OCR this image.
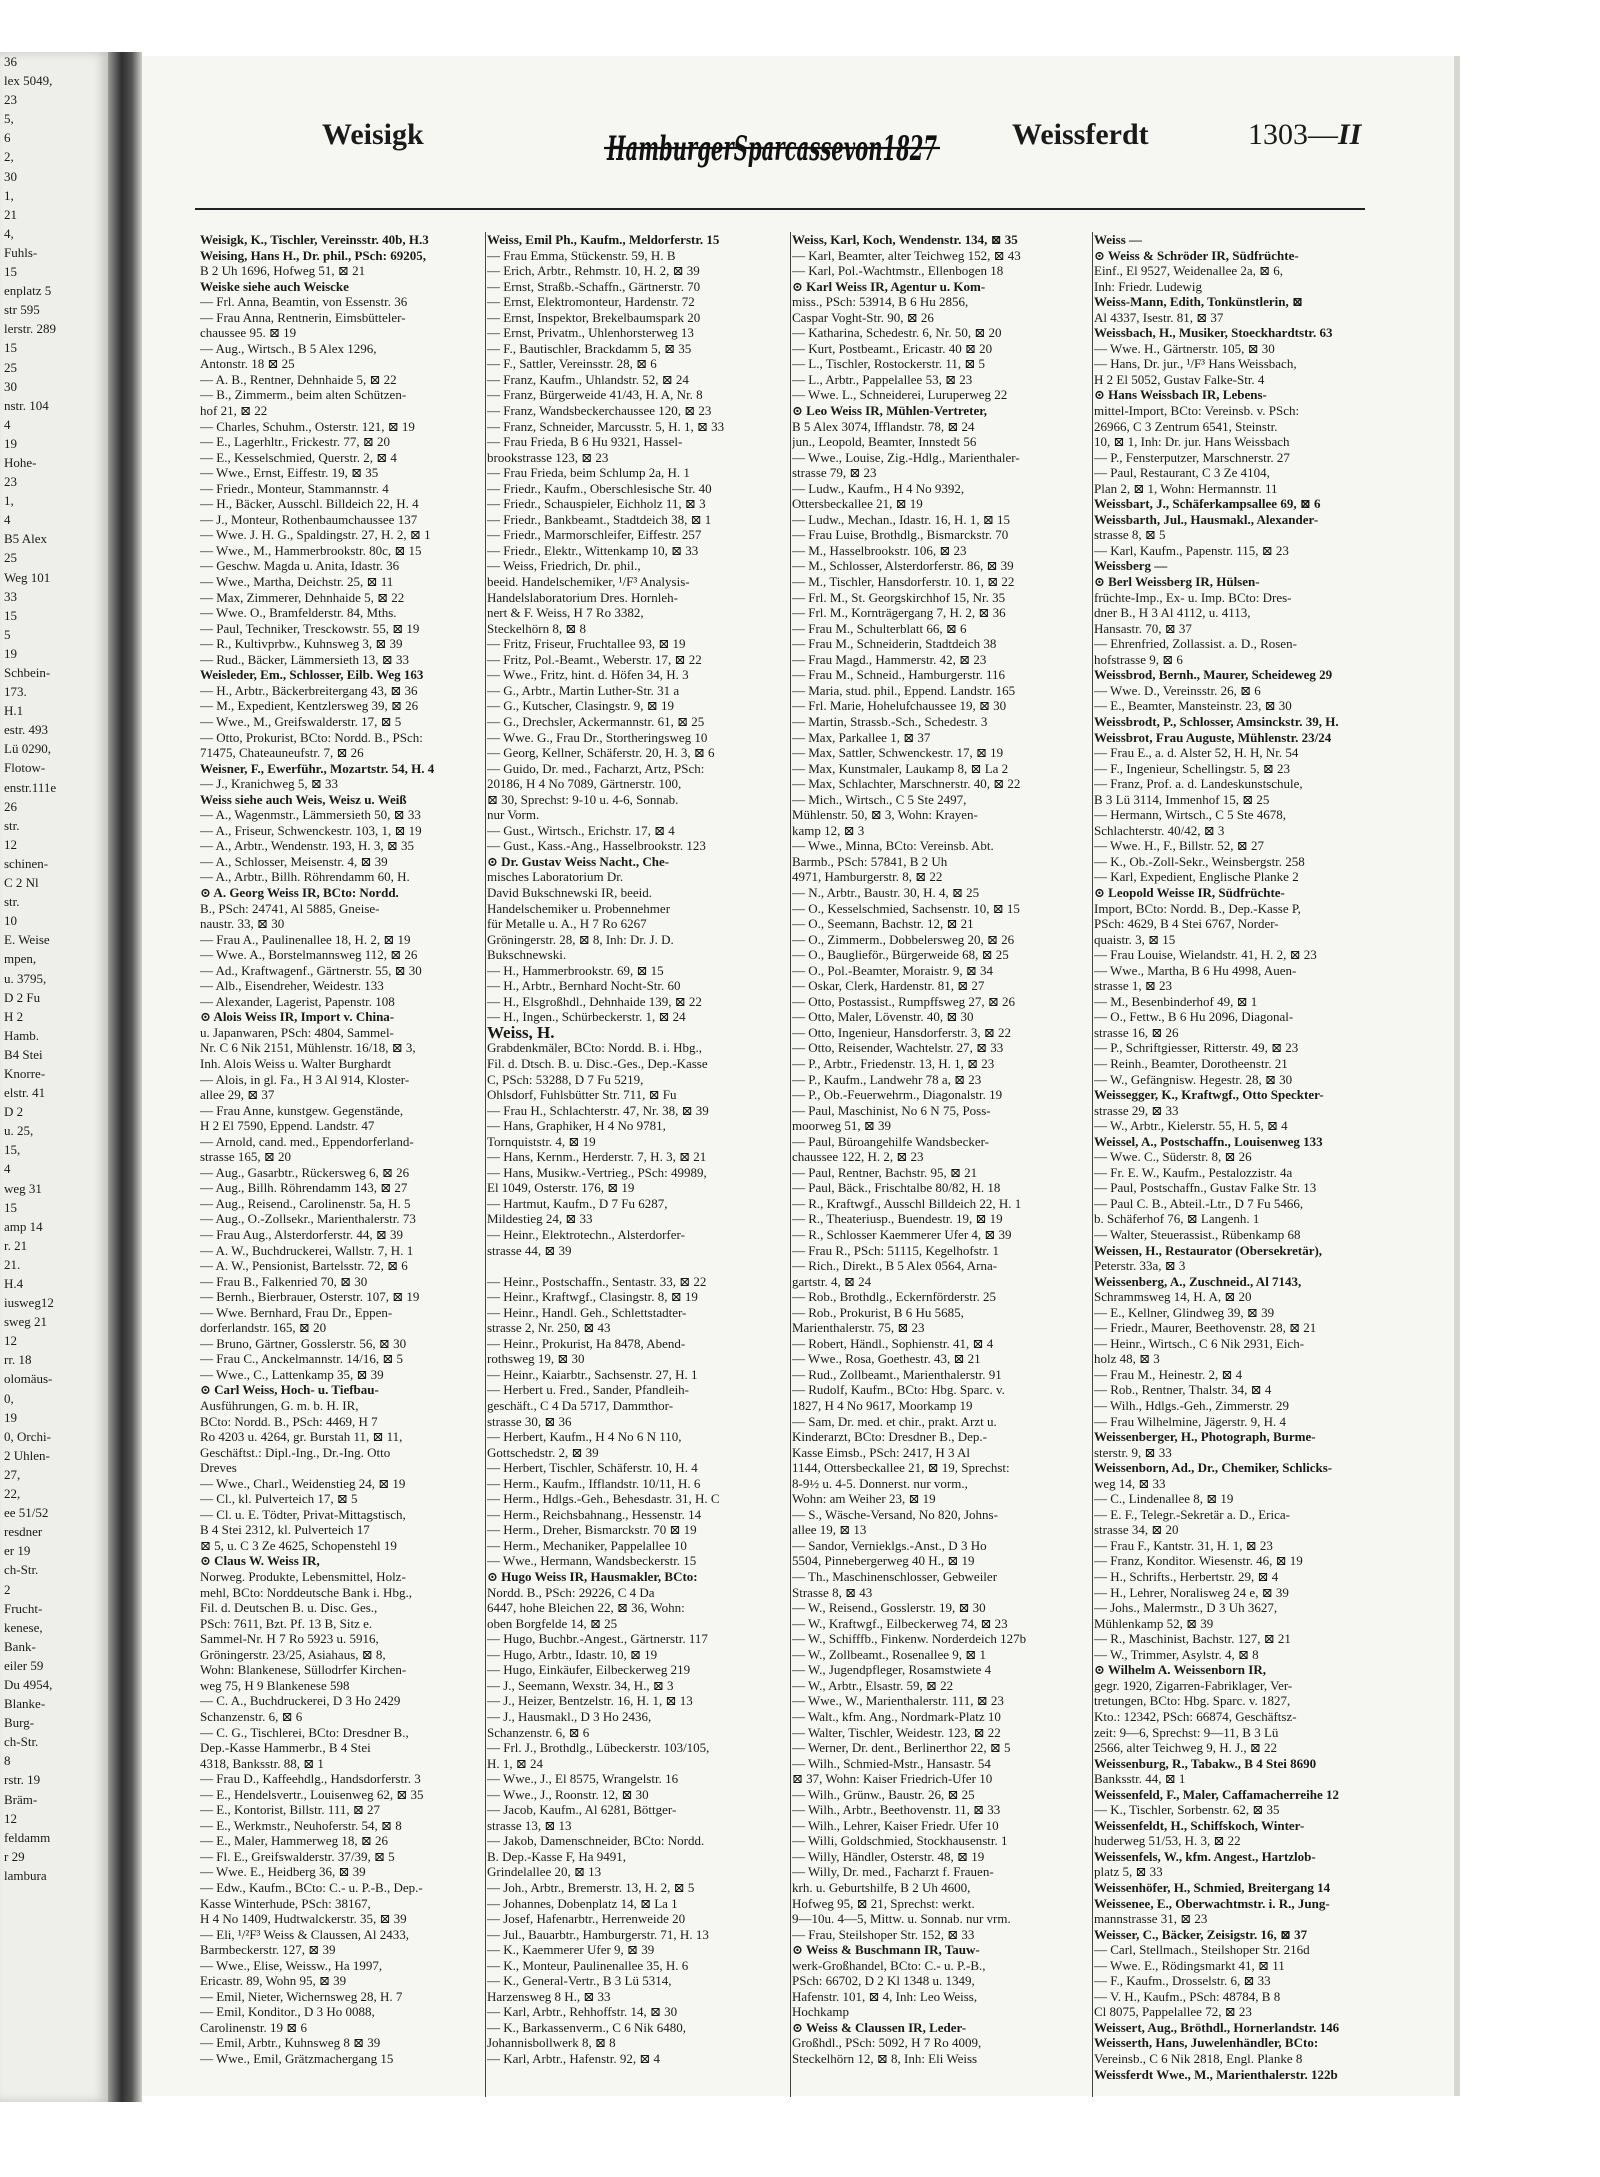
36
lex 5049,
23
5,
6
2,
30
1,
21
4,
Fuhls-
15
enplatz 5
str 595
lerstr. 289
15
25
30
nstr. 104
4
19
Hohe-
23
1,
4
B5 Alex
25
Weg 101
33
15
5
19
Schbein-
173.
H.1
estr. 493
Lü 0290,
Flotow-
enstr.111e
26
str.
12
schinen-
C 2 Nl
str.
10
E. Weise
mpen,
u. 3795,
D 2 Fu
H 2
Hamb.
B4 Stei
Knorre-
elstr. 41
D 2
u. 25,
15,
4
weg 31
15
amp 14
r. 21
21.
H.4
iusweg12
sweg 21
12
rr. 18
olomäus-
0,
19
0, Orchi-
2 Uhlen-
27,
22,
ee 51/52
resdner
er 19
ch-Str.
2
Frucht-
kenese,
Bank-
eiler 59
Du 4954,
Blanke-
Burg-
ch-Str.
8
rstr. 19
Bräm-
12
feldamm
r 29
lambura
Weisigk	HamburgerSparcassevon1827 Weissferdt	1303—II
Weisigk, K., Tischler, Vereinsstr. 40b, H.3
Weising, Hans H., Dr. phil., PSch: 69205,
B 2 Uh 1696, Hofweg 51, ⊠ 21
Weiske siehe auch Weiscke
— Frl. Anna, Beamtin, von Essenstr. 36
— Frau Anna, Rentnerin, Eimsbütteler-
chaussee 95. ⊠ 19
— Aug., Wirtsch., B 5 Alex 1296,
Antonstr. 18 ⊠ 25
— A. B., Rentner, Dehnhaide 5, ⊠ 22
— B., Zimmerm., beim alten Schützen-
hof 21, ⊠ 22
— Charles, Schuhm., Osterstr. 121, ⊠ 19
— E., Lagerhltr., Frickestr. 77, ⊠ 20
— E., Kesselschmied, Querstr. 2, ⊠ 4
— Wwe., Ernst, Eiffestr. 19, ⊠ 35
— Friedr., Monteur, Stammannstr. 4
— H., Bäcker, Ausschl. Billdeich 22, H. 4
— J., Monteur, Rothenbaumchaussee 137
— Wwe. J. H. G., Spaldingstr. 27, H. 2, ⊠ 1
— Wwe., M., Hammerbrookstr. 80c, ⊠ 15
— Geschw. Magda u. Anita, Idastr. 36
— Wwe., Martha, Deichstr. 25, ⊠ 11
— Max, Zimmerer, Dehnhaide 5, ⊠ 22
— Wwe. O., Bramfelderstr. 84, Mths.
— Paul, Techniker, Tresckowstr. 55, ⊠ 19
— R., Kultivprbw., Kuhnsweg 3, ⊠ 39
— Rud., Bäcker, Lämmersieth 13, ⊠ 33
Weisleder, Em., Schlosser, Eilb. Weg 163
— H., Arbtr., Bäckerbreitergang 43, ⊠ 36
— M., Expedient, Kentzlersweg 39, ⊠ 26
— Wwe., M., Greifswalderstr. 17, ⊠ 5
— Otto, Prokurist, BCto: Nordd. B., PSch:
71475, Chateauneufstr. 7, ⊠ 26
Weisner, F., Ewerführ., Mozartstr. 54, H. 4
— J., Kranichweg 5, ⊠ 33
Weiss siehe auch Weis, Weisz u. Weiß
— A., Wagenmstr., Lämmersieth 50, ⊠ 33
— A., Friseur, Schwenckestr. 103, 1, ⊠ 19
— A., Arbtr., Wendenstr. 193, H. 3, ⊠ 35
— A., Schlosser, Meisenstr. 4, ⊠ 39
— A., Arbtr., Billh. Röhrendamm 60, H.
⊙ A. Georg Weiss IR, BCto: Nordd.
B., PSch: 24741, Al 5885, Gneise-
naustr. 33, ⊠ 30
— Frau A., Paulinenallee 18, H. 2, ⊠ 19
— Wwe. A., Borstelmannsweg 112, ⊠ 26
— Ad., Kraftwagenf., Gärtnerstr. 55, ⊠ 30
— Alb., Eisendreher, Weidestr. 133
— Alexander, Lagerist, Papenstr. 108
⊙ Alois Weiss IR, Import v. China-
u. Japanwaren, PSch: 4804, Sammel-
Nr. C 6 Nik 2151, Mühlenstr. 16/18, ⊠ 3,
Inh. Alois Weiss u. Walter Burghardt
— Alois, in gl. Fa., H 3 Al 914, Kloster-
allee 29, ⊠ 37
— Frau Anne, kunstgew. Gegenstände,
H 2 El 7590, Eppend. Landstr. 47
— Arnold, cand. med., Eppendorferland-
strasse 165, ⊠ 20
— Aug., Gasarbtr., Rückersweg 6, ⊠ 26
— Aug., Billh. Röhrendamm 143, ⊠ 27
— Aug., Reisend., Carolinenstr. 5a, H. 5
— Aug., O.-Zollsekr., Marienthalerstr. 73
— Frau Aug., Alsterdorferstr. 44, ⊠ 39
— A. W., Buchdruckerei, Wallstr. 7, H. 1
— A. W., Pensionist, Bartelsstr. 72, ⊠ 6
— Frau B., Falkenried 70, ⊠ 30
— Bernh., Bierbrauer, Osterstr. 107, ⊠ 19
— Wwe. Bernhard, Frau Dr., Eppen-
dorferlandstr. 165, ⊠ 20
— Bruno, Gärtner, Gosslerstr. 56, ⊠ 30
— Frau C., Anckelmannstr. 14/16, ⊠ 5
— Wwe., C., Lattenkamp 35, ⊠ 39
⊙ Carl Weiss, Hoch- u. Tiefbau-
Ausführungen, G. m. b. H. IR,
BCto: Nordd. B., PSch: 4469, H 7
Ro 4203 u. 4264, gr. Burstah 11, ⊠ 11,
Geschäftst.: Dipl.-Ing., Dr.-Ing. Otto
Dreves
— Wwe., Charl., Weidenstieg 24, ⊠ 19
— Cl., kl. Pulverteich 17, ⊠ 5
— Cl. u. E. Tödter, Privat-Mittagstisch,
B 4 Stei 2312, kl. Pulverteich 17
⊠ 5, u. C 3 Ze 4625, Schopenstehl 19
⊙ Claus W. Weiss IR,
Norweg. Produkte, Lebensmittel, Holz-
mehl, BCto: Norddeutsche Bank i. Hbg.,
Fil. d. Deutschen B. u. Disc. Ges.,
PSch: 7611, Bzt. Pf. 13 B, Sitz e.
Sammel-Nr. H 7 Ro 5923 u. 5916,
Gröningerstr. 23/25, Asiahaus, ⊠ 8,
Wohn: Blankenese, Süllodrfer Kirchen-
weg 75, H 9 Blankenese 598
— C. A., Buchdruckerei, D 3 Ho 2429
Schanzenstr. 6, ⊠ 6
— C. G., Tischlerei, BCto: Dresdner B.,
Dep.-Kasse Hammerbr., B 4 Stei
4318, Banksstr. 88, ⊠ 1
— Frau D., Kaffeehdlg., Handsdorferstr. 3
— E., Hendelsvertr., Louisenweg 62, ⊠ 35
— E., Kontorist, Billstr. 111, ⊠ 27
— E., Werkmstr., Neuhoferstr. 54, ⊠ 8
— E., Maler, Hammerweg 18, ⊠ 26
— Fl. E., Greifswalderstr. 37/39, ⊠ 5
— Wwe. E., Heidberg 36, ⊠ 39
— Edw., Kaufm., BCto: C.- u. P.-B., Dep.-
Kasse Winterhude, PSch: 38167,
H 4 No 1409, Hudtwalckerstr. 35, ⊠ 39
— Eli, ¹/²F³ Weiss & Claussen, Al 2433,
Barmbeckerstr. 127, ⊠ 39
— Wwe., Elise, Weissw., Ha 1997,
Ericastr. 89, Wohn 95, ⊠ 39
— Emil, Nieter, Wichernsweg 28, H. 7
— Emil, Konditor., D 3 Ho 0088,
Carolinenstr. 19 ⊠ 6
— Emil, Arbtr., Kuhnsweg 8 ⊠ 39
— Wwe., Emil, Grätzmachergang 15
Weiss, Emil Ph., Kaufm., Meldorferstr. 15
— Frau Emma, Stückenstr. 59, H. B
— Erich, Arbtr., Rehmstr. 10, H. 2, ⊠ 39
— Ernst, Straßb.-Schaffn., Gärtnerstr. 70
— Ernst, Elektromonteur, Hardenstr. 72
— Ernst, Inspektor, Brekelbaumspark 20
— Ernst, Privatm., Uhlenhorsterweg 13
— F., Bautischler, Brackdamm 5, ⊠ 35
— F., Sattler, Vereinsstr. 28, ⊠ 6
— Franz, Kaufm., Uhlandstr. 52, ⊠ 24
— Franz, Bürgerweide 41/43, H. A, Nr. 8
— Franz, Wandsbeckerchaussee 120, ⊠ 23
— Franz, Schneider, Marcusstr. 5, H. 1, ⊠ 33
— Frau Frieda, B 6 Hu 9321, Hassel-
brookstrasse 123, ⊠ 23
— Frau Frieda, beim Schlump 2a, H. 1
— Friedr., Kaufm., Oberschlesische Str. 40
— Friedr., Schauspieler, Eichholz 11, ⊠ 3
— Friedr., Bankbeamt., Stadtdeich 38, ⊠ 1
— Friedr., Marmorschleifer, Eiffestr. 257
— Friedr., Elektr., Wittenkamp 10, ⊠ 33
— Weiss, Friedrich, Dr. phil.,
beeid. Handelschemiker, ¹/F³ Analysis-
Handelslaboratorium Dres. Hornleh-
nert & F. Weiss, H 7 Ro 3382,
Steckelhörn 8, ⊠ 8
— Fritz, Friseur, Fruchtallee 93, ⊠ 19
— Fritz, Pol.-Beamt., Weberstr. 17, ⊠ 22
— Wwe., Fritz, hint. d. Höfen 34, H. 3
— G., Arbtr., Martin Luther-Str. 31 a
— G., Kutscher, Clasingstr. 9, ⊠ 19
— G., Drechsler, Ackermannstr. 61, ⊠ 25
— Wwe. G., Frau Dr., Stortheringsweg 10
— Georg, Kellner, Schäferstr. 20, H. 3, ⊠ 6
— Guido, Dr. med., Facharzt, Artz, PSch:
20186, H 4 No 7089, Gärtnerstr. 100,
⊠ 30, Sprechst: 9-10 u. 4-6, Sonnab.
nur Vorm.
— Gust., Wirtsch., Erichstr. 17, ⊠ 4
— Gust., Kass.-Ang., Hasselbrookstr. 123
⊙ Dr. Gustav Weiss Nacht., Che-
misches Laboratorium Dr.
David Bukschnewski IR, beeid.
Handelschemiker u. Probennehmer
für Metalle u. A., H 7 Ro 6267
Gröningerstr. 28, ⊠ 8, Inh: Dr. J. D.
Bukschnewski.
— H., Hammerbrookstr. 69, ⊠ 15
— H., Arbtr., Bernhard Nocht-Str. 60
— H., Elsgroßhdl., Dehnhaide 139, ⊠ 22
— H., Ingen., Schürbeckerstr. 1, ⊠ 24
Weiss, H.
Grabdenkmäler, BCto: Nordd. B. i. Hbg.,
Fil. d. Dtsch. B. u. Disc.-Ges., Dep.-Kasse
C, PSch: 53288, D 7 Fu 5219,
Ohlsdorf, Fuhlsbütter Str. 711, ⊠ Fu
— Frau H., Schlachterstr. 47, Nr. 38, ⊠ 39
— Hans, Graphiker, H 4 No 9781,
Tornquiststr. 4, ⊠ 19
— Hans, Kernm., Herderstr. 7, H. 3, ⊠ 21
— Hans, Musikw.-Vertrieg., PSch: 49989,
El 1049, Osterstr. 176, ⊠ 19
— Hartmut, Kaufm., D 7 Fu 6287,
Mildestieg 24, ⊠ 33
— Heinr., Elektrotechn., Alsterdorfer-
strasse 44, ⊠ 39
— Heinr., Postschaffn., Sentastr. 33, ⊠ 22
— Heinr., Kraftwgf., Clasingstr. 8, ⊠ 19
— Heinr., Handl. Geh., Schlettstadter-
strasse 2, Nr. 250, ⊠ 43
— Heinr., Prokurist, Ha 8478, Abend-
rothsweg 19, ⊠ 30
— Heinr., Kaiarbtr., Sachsenstr. 27, H. 1
— Herbert u. Fred., Sander, Pfandleih-
geschäft., C 4 Da 5717, Dammthor-
strasse 30, ⊠ 36
— Herbert, Kaufm., H 4 No 6 N 110,
Gottschedstr. 2, ⊠ 39
— Herbert, Tischler, Schäferstr. 10, H. 4
— Herm., Kaufm., Ifflandstr. 10/11, H. 6
— Herm., Hdlgs.-Geh., Behesdastr. 31, H. C
— Herm., Reichsbahnang., Hessenstr. 14
— Herm., Dreher, Bismarckstr. 70 ⊠ 19
— Herm., Mechaniker, Pappelallee 10
— Wwe., Hermann, Wandsbeckerstr. 15
⊙ Hugo Weiss IR, Hausmakler, BCto:
Nordd. B., PSch: 29226, C 4 Da
6447, hohe Bleichen 22, ⊠ 36, Wohn:
oben Borgfelde 14, ⊠ 25
— Hugo, Buchbr.-Angest., Gärtnerstr. 117
— Hugo, Arbtr., Idastr. 10, ⊠ 19
— Hugo, Einkäufer, Eilbeckerweg 219
— J., Seemann, Wexstr. 34, H., ⊠ 3
— J., Heizer, Bentzelstr. 16, H. 1, ⊠ 13
— J., Hausmakl., D 3 Ho 2436,
Schanzenstr. 6, ⊠ 6
— Frl. J., Brothdlg., Lübeckerstr. 103/105,
H. 1, ⊠ 24
— Wwe., J., El 8575, Wrangelstr. 16
— Wwe., J., Roonstr. 12, ⊠ 30
— Jacob, Kaufm., Al 6281, Böttger-
strasse 13, ⊠ 13
— Jakob, Damenschneider, BCto: Nordd.
B. Dep.-Kasse F, Ha 9491,
Grindelallee 20, ⊠ 13
— Joh., Arbtr., Bremerstr. 13, H. 2, ⊠ 5
— Johannes, Dobenplatz 14, ⊠ La 1
— Josef, Hafenarbtr., Herrenweide 20
— Jul., Bauarbtr., Hamburgerstr. 71, H. 13
— K., Kaemmerer Ufer 9, ⊠ 39
— K., Monteur, Paulinenallee 35, H. 6
— K., General-Vertr., B 3 Lü 5314,
Harzensweg 8 H., ⊠ 33
— Karl, Arbtr., Rehhoffstr. 14, ⊠ 30
— K., Barkassenverm., C 6 Nik 6480,
Johannisbollwerk 8, ⊠ 8
— Karl, Arbtr., Hafenstr. 92, ⊠ 4
Weiss, Karl, Koch, Wendenstr. 134, ⊠ 35
— Karl, Beamter, alter Teichweg 152, ⊠ 43
— Karl, Pol.-Wachtmstr., Ellenbogen 18
⊙ Karl Weiss IR, Agentur u. Kom-
miss., PSch: 53914, B 6 Hu 2856,
Caspar Voght-Str. 90, ⊠ 26
— Katharina, Schedestr. 6, Nr. 50, ⊠ 20
— Kurt, Postbeamt., Ericastr. 40 ⊠ 20
— L., Tischler, Rostockerstr. 11, ⊠ 5
— L., Arbtr., Pappelallee 53, ⊠ 23
— Wwe. L., Schneiderei, Luruperweg 22
⊙ Leo Weiss IR, Mühlen-Vertreter,
B 5 Alex 3074, Ifflandstr. 78, ⊠ 24
jun., Leopold, Beamter, Innstedt 56
— Wwe., Louise, Zig.-Hdlg., Marienthaler-
strasse 79, ⊠ 23
— Ludw., Kaufm., H 4 No 9392,
Ottersbeckallee 21, ⊠ 19
— Ludw., Mechan., Idastr. 16, H. 1, ⊠ 15
— Frau Luise, Brothdlg., Bismarckstr. 70
— M., Hasselbrookstr. 106, ⊠ 23
— M., Schlosser, Alsterdorferstr. 86, ⊠ 39
— M., Tischler, Hansdorferstr. 10. 1, ⊠ 22
— Frl. M., St. Georgskirchhof 15, Nr. 35
— Frl. M., Kornträgergang 7, H. 2, ⊠ 36
— Frau M., Schulterblatt 66, ⊠ 6
— Frau M., Schneiderin, Stadtdeich 38
— Frau Magd., Hammerstr. 42, ⊠ 23
— Frau M., Schneid., Hamburgerstr. 116
— Maria, stud. phil., Eppend. Landstr. 165
— Frl. Marie, Hohelufchaussee 19, ⊠ 30
— Martin, Strassb.-Sch., Schedestr. 3
— Max, Parkallee 1, ⊠ 37
— Max, Sattler, Schwenckestr. 17, ⊠ 19
— Max, Kunstmaler, Laukamp 8, ⊠ La 2
— Max, Schlachter, Marschnerstr. 40, ⊠ 22
— Mich., Wirtsch., C 5 Ste 2497,
Mühlenstr. 50, ⊠ 3, Wohn: Krayen-
kamp 12, ⊠ 3
— Wwe., Minna, BCto: Vereinsb. Abt.
Barmb., PSch: 57841, B 2 Uh
4971, Hamburgerstr. 8, ⊠ 22
— N., Arbtr., Baustr. 30, H. 4, ⊠ 25
— O., Kesselschmied, Sachsenstr. 10, ⊠ 15
— O., Seemann, Bachstr. 12, ⊠ 21
— O., Zimmerm., Dobbelersweg 20, ⊠ 26
— O., Bauglieför., Bürgerweide 68, ⊠ 25
— O., Pol.-Beamter, Moraistr. 9, ⊠ 34
— Oskar, Clerk, Hardenstr. 81, ⊠ 27
— Otto, Postassist., Rumpffsweg 27, ⊠ 26
— Otto, Maler, Lövenstr. 40, ⊠ 30
— Otto, Ingenieur, Hansdorferstr. 3, ⊠ 22
— Otto, Reisender, Wachtelstr. 27, ⊠ 33
— P., Arbtr., Friedenstr. 13, H. 1, ⊠ 23
— P., Kaufm., Landwehr 78 a, ⊠ 23
— P., Ob.-Feuerwehrm., Diagonalstr. 19
— Paul, Maschinist, No 6 N 75, Poss-
moorweg 51, ⊠ 39
— Paul, Büroangehilfe Wandsbecker-
chaussee 122, H. 2, ⊠ 23
— Paul, Rentner, Bachstr. 95, ⊠ 21
— Paul, Bäck., Frischtalbe 80/82, H. 18
— R., Kraftwgf., Ausschl Billdeich 22, H. 1
— R., Theateriusp., Buendestr. 19, ⊠ 19
— R., Schlosser Kaemmerer Ufer 4, ⊠ 39
— Frau R., PSch: 51115, Kegelhofstr. 1
— Rich., Direkt., B 5 Alex 0564, Arna-
gartstr. 4, ⊠ 24
— Rob., Brothdlg., Eckernförderstr. 25
— Rob., Prokurist, B 6 Hu 5685,
Marienthalerstr. 75, ⊠ 23
— Robert, Händl., Sophienstr. 41, ⊠ 4
— Wwe., Rosa, Goethestr. 43, ⊠ 21
— Rud., Zollbeamt., Marienthalerstr. 91
— Rudolf, Kaufm., BCto: Hbg. Sparc. v.
1827, H 4 No 9617, Moorkamp 19
— Sam, Dr. med. et chir., prakt. Arzt u.
Kinderarzt, BCto: Dresdner B., Dep.-
Kasse Eimsb., PSch: 2417, H 3 Al
1144, Ottersbeckallee 21, ⊠ 19, Sprechst:
8-9½ u. 4-5. Donnerst. nur vorm.,
Wohn: am Weiher 23, ⊠ 19
— S., Wäsche-Versand, No 820, Johns-
allee 19, ⊠ 13
— Sandor, Vernieklgs.-Anst., D 3 Ho
5504, Pinnebergerweg 40 H., ⊠ 19
— Th., Maschinenschlosser, Gebweiler
Strasse 8, ⊠ 43
— W., Reisend., Gosslerstr. 19, ⊠ 30
— W., Kraftwgf., Eilbeckerweg 74, ⊠ 23
— W., Schifffb., Finkenw. Norderdeich 127b
— W., Zollbeamt., Rosenallee 9, ⊠ 1
— W., Jugendpfleger, Rosamstwiete 4
— W., Arbtr., Elsastr. 59, ⊠ 22
— Wwe., W., Marienthalerstr. 111, ⊠ 23
— Walt., kfm. Ang., Nordmark-Platz 10
— Walter, Tischler, Weidestr. 123, ⊠ 22
— Werner, Dr. dent., Berlinerthor 22, ⊠ 5
— Wilh., Schmied-Mstr., Hansastr. 54
⊠ 37, Wohn: Kaiser Friedrich-Ufer 10
— Wilh., Grünw., Baustr. 26, ⊠ 25
— Wilh., Arbtr., Beethovenstr. 11, ⊠ 33
— Wilh., Lehrer, Kaiser Friedr. Ufer 10
— Willi, Goldschmied, Stockhausenstr. 1
— Willy, Händler, Osterstr. 48, ⊠ 19
— Willy, Dr. med., Facharzt f. Frauen-
krh. u. Geburtshilfe, B 2 Uh 4600,
Hofweg 95, ⊠ 21, Sprechst: werkt.
9—10u. 4—5, Mittw. u. Sonnab. nur vrm.
— Frau, Steilshoper Str. 152, ⊠ 33
⊙ Weiss & Buschmann IR, Tauw-
werk-Großhandel, BCto: C.- u. P.-B.,
PSch: 66702, D 2 Kl 1348 u. 1349,
Hafenstr. 101, ⊠ 4, Inh: Leo Weiss,
Hochkamp
⊙ Weiss & Claussen IR, Leder-
Großhdl., PSch: 5092, H 7 Ro 4009,
Steckelhörn 12, ⊠ 8, Inh: Eli Weiss
Weiss —
⊙ Weiss & Schröder IR, Südfrüchte-
Einf., El 9527, Weidenallee 2a, ⊠ 6,
Inh: Friedr. Ludewig
Weiss-Mann, Edith, Tonkünstlerin, ⊠
Al 4337, Isestr. 81, ⊠ 37
Weissbach, H., Musiker, Stoeckhardtstr. 63
— Wwe. H., Gärtnerstr. 105, ⊠ 30
— Hans, Dr. jur., ¹/F³ Hans Weissbach,
H 2 El 5052, Gustav Falke-Str. 4
⊙ Hans Weissbach IR, Lebens-
mittel-Import, BCto: Vereinsb. v. PSch:
26966, C 3 Zentrum 6541, Steinstr.
10, ⊠ 1, Inh: Dr. jur. Hans Weissbach
— P., Fensterputzer, Marschnerstr. 27
— Paul, Restaurant, C 3 Ze 4104,
Plan 2, ⊠ 1, Wohn: Hermannstr. 11
Weissbart, J., Schäferkampsallee 69, ⊠ 6
Weissbarth, Jul., Hausmakl., Alexander-
strasse 8, ⊠ 5
— Karl, Kaufm., Papenstr. 115, ⊠ 23
Weissberg —
⊙ Berl Weissberg IR, Hülsen-
früchte-Imp., Ex- u. Imp. BCto: Dres-
dner B., H 3 Al 4112, u. 4113,
Hansastr. 70, ⊠ 37
— Ehrenfried, Zollassist. a. D., Rosen-
hofstrasse 9, ⊠ 6
Weissbrod, Bernh., Maurer, Scheideweg 29
— Wwe. D., Vereinsstr. 26, ⊠ 6
— E., Beamter, Mansteinstr. 23, ⊠ 30
Weissbrodt, P., Schlosser, Amsinckstr. 39, H.
Weissbrot, Frau Auguste, Mühlenstr. 23/24
— Frau E., a. d. Alster 52, H. H, Nr. 54
— F., Ingenieur, Schellingstr. 5, ⊠ 23
— Franz, Prof. a. d. Landeskunstschule,
B 3 Lü 3114, Immenhof 15, ⊠ 25
— Hermann, Wirtsch., C 5 Ste 4678,
Schlachterstr. 40/42, ⊠ 3
— Wwe. H., F., Billstr. 52, ⊠ 27
— K., Ob.-Zoll-Sekr., Weinsbergstr. 258
— Karl, Expedient, Englische Planke 2
⊙ Leopold Weisse IR, Südfrüchte-
Import, BCto: Nordd. B., Dep.-Kasse P,
PSch: 4629, B 4 Stei 6767, Norder-
quaistr. 3, ⊠ 15
— Frau Louise, Wielandstr. 41, H. 2, ⊠ 23
— Wwe., Martha, B 6 Hu 4998, Auen-
strasse 1, ⊠ 23
— M., Besenbinderhof 49, ⊠ 1
— O., Fettw., B 6 Hu 2096, Diagonal-
strasse 16, ⊠ 26
— P., Schriftgiesser, Ritterstr. 49, ⊠ 23
— Reinh., Beamter, Dorotheenstr. 21
— W., Gefängnisw. Hegestr. 28, ⊠ 30
Weissegger, K., Kraftwgf., Otto Speckter-
strasse 29, ⊠ 33
— W., Arbtr., Kielerstr. 55, H. 5, ⊠ 4
Weissel, A., Postschaffn., Louisenweg 133
— Wwe. C., Süderstr. 8, ⊠ 26
— Fr. E. W., Kaufm., Pestalozzistr. 4a
— Paul, Postschaffn., Gustav Falke Str. 13
— Paul C. B., Abteil.-Ltr., D 7 Fu 5466,
b. Schäferhof 76, ⊠ Langenh. 1
— Walter, Steuerassist., Rübenkamp 68
Weissen, H., Restaurator (Obersekretär),
Peterstr. 33a, ⊠ 3
Weissenberg, A., Zuschneid., Al 7143,
Schrammsweg 14, H. A, ⊠ 20
— E., Kellner, Glindweg 39, ⊠ 39
— Friedr., Maurer, Beethovenstr. 28, ⊠ 21
— Heinr., Wirtsch., C 6 Nik 2931, Eich-
holz 48, ⊠ 3
— Frau M., Heinestr. 2, ⊠ 4
— Rob., Rentner, Thalstr. 34, ⊠ 4
— Wilh., Hdlgs.-Geh., Zimmerstr. 29
— Frau Wilhelmine, Jägerstr. 9, H. 4
Weissenberger, H., Photograph, Burme-
sterstr. 9, ⊠ 33
Weissenborn, Ad., Dr., Chemiker, Schlicks-
weg 14, ⊠ 33
— C., Lindenallee 8, ⊠ 19
— E. F., Telegr.-Sekretär a. D., Erica-
strasse 34, ⊠ 20
— Frau F., Kantstr. 31, H. 1, ⊠ 23
— Franz, Konditor. Wiesenstr. 46, ⊠ 19
— H., Schrifts., Herbertstr. 29, ⊠ 4
— H., Lehrer, Noralisweg 24 e, ⊠ 39
— Johs., Malermstr., D 3 Uh 3627,
Mühlenkamp 52, ⊠ 39
— R., Maschinist, Bachstr. 127, ⊠ 21
— W., Trimmer, Asylstr. 4, ⊠ 8
⊙ Wilhelm A. Weissenborn IR,
gegr. 1920, Zigarren-Fabriklager, Ver-
tretungen, BCto: Hbg. Sparc. v. 1827,
Kto.: 12342, PSch: 66874, Geschäftsz-
zeit: 9—6, Sprechst: 9—11, B 3 Lü
2566, alter Teichweg 9, H. J., ⊠ 22
Weissenburg, R., Tabakw., B 4 Stei 8690
Banksstr. 44, ⊠ 1
Weissenfeld, F., Maler, Caffamacherreihe 12
— K., Tischler, Sorbenstr. 62, ⊠ 35
Weissenfeldt, H., Schiffskoch, Winter-
huderweg 51/53, H. 3, ⊠ 22
Weissenfels, W., kfm. Angest., Hartzlob-
platz 5, ⊠ 33
Weissenhöfer, H., Schmied, Breitergang 14
Weissenee, E., Oberwachtmstr. i. R., Jung-
mannstrasse 31, ⊠ 23
Weisser, C., Bäcker, Zeisigstr. 16, ⊠ 37
— Carl, Stellmach., Steilshoper Str. 216d
— Wwe. E., Rödingsmarkt 41, ⊠ 11
— F., Kaufm., Drosselstr. 6, ⊠ 33
— V. H., Kaufm., PSch: 48784, B 8
Cl 8075, Pappelallee 72, ⊠ 23
Weissert, Aug., Bröthdl., Hornerlandstr. 146
Weisserth, Hans, Juwelenhändler, BCto:
Vereinsb., C 6 Nik 2818, Engl. Planke 8
Weissferdt Wwe., M., Marienthalerstr. 122b
